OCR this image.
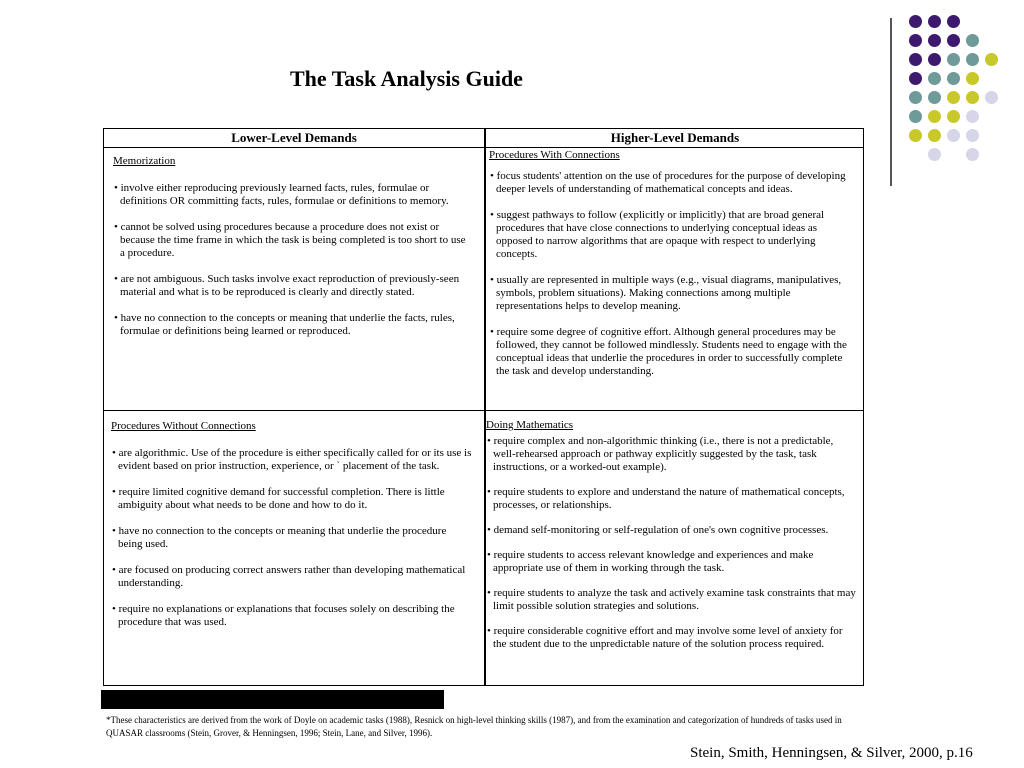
The Task Analysis Guide
Lower-Level Demands	Higher-Level Demands
Memorization
• involve either reproducing previously learned facts, rules, formulae or definitions OR committing facts, rules, formulae or definitions to memory.
• cannot be solved using procedures because a procedure does not exist or because the time frame in which the task is being completed is too short to use a procedure.
• are not ambiguous. Such tasks involve exact reproduction of previously-seen material and what is to be reproduced is clearly and directly stated.
• have no connection to the concepts or meaning that underlie the facts, rules, formulae or definitions being learned or reproduced.
Procedures With Connections
• focus students' attention on the use of procedures for the purpose of developing deeper levels of understanding of mathematical concepts and ideas.
• suggest pathways to follow (explicitly or implicitly) that are broad general procedures that have close connections to underlying conceptual ideas as opposed to narrow algorithms that are opaque with respect to underlying concepts.
• usually are represented in multiple ways (e.g., visual diagrams, manipulatives, symbols, problem situations). Making connections among multiple representations helps to develop meaning.
• require some degree of cognitive effort. Although general procedures may be followed, they cannot be followed mindlessly. Students need to engage with the conceptual ideas that underlie the procedures in order to successfully complete the task and develop understanding.
Procedures Without Connections
• are algorithmic. Use of the procedure is either specifically called for or its use is evident based on prior instruction, experience, or ` placement of the task.
• require limited cognitive demand for successful completion. There is little ambiguity about what needs to be done and how to do it.
• have no connection to the concepts or meaning that underlie the procedure being used.
• are focused on producing correct answers rather than developing mathematical understanding.
• require no explanations or explanations that focuses solely on describing the procedure that was used.
Doing Mathematics
• require complex and non-algorithmic thinking (i.e., there is not a predictable, well-rehearsed approach or pathway explicitly suggested by the task, task instructions, or a worked-out example).
• require students to explore and understand the nature of mathematical concepts, processes, or relationships.
• demand self-monitoring or self-regulation of one's own cognitive processes.
• require students to access relevant knowledge and experiences and make appropriate use of them in working through the task.
• require students to analyze the task and actively examine task constraints that may limit possible solution strategies and solutions.
• require considerable cognitive effort and may involve some level of anxiety for the student due to the unpredictable nature of the solution process required.
*These characteristics are derived from the work of Doyle on academic tasks (1988), Resnick on high-level thinking skills (1987), and from the examination and categorization of hundreds of tasks used in QUASAR classrooms (Stein, Grover, & Henningsen, 1996; Stein, Lane, and Silver, 1996).
Stein, Smith, Henningsen, & Silver, 2000, p.16
